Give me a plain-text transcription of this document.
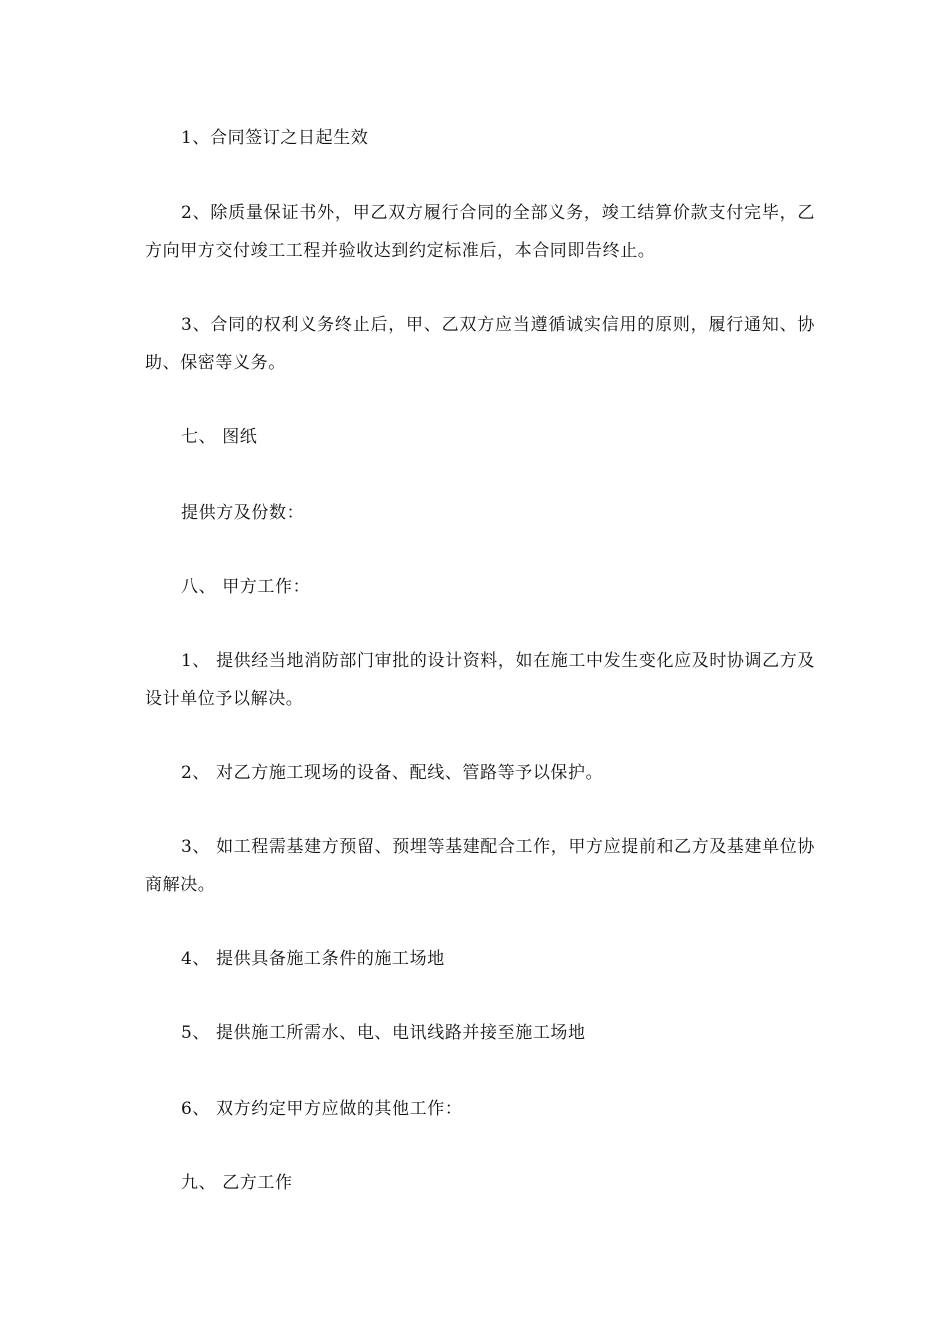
1、合同签订之日起生效

2、除质量保证书外，甲乙双方履行合同的全部义务，竣工结算价款支付完毕，乙方向甲方交付竣工工程并验收达到约定标准后，本合同即告终止。

3、合同的权利义务终止后，甲、乙双方应当遵循诚实信用的原则，履行通知、协助、保密等义务。

七、 图纸

提供方及份数：

八、 甲方工作：

1、 提供经当地消防部门审批的设计资料，如在施工中发生变化应及时协调乙方及设计单位予以解决。

2、 对乙方施工现场的设备、配线、管路等予以保护。

3、 如工程需基建方预留、预埋等基建配合工作，甲方应提前和乙方及基建单位协商解决。

4、 提供具备施工条件的施工场地

5、 提供施工所需水、电、电讯线路并接至施工场地

6、 双方约定甲方应做的其他工作：

九、 乙方工作
